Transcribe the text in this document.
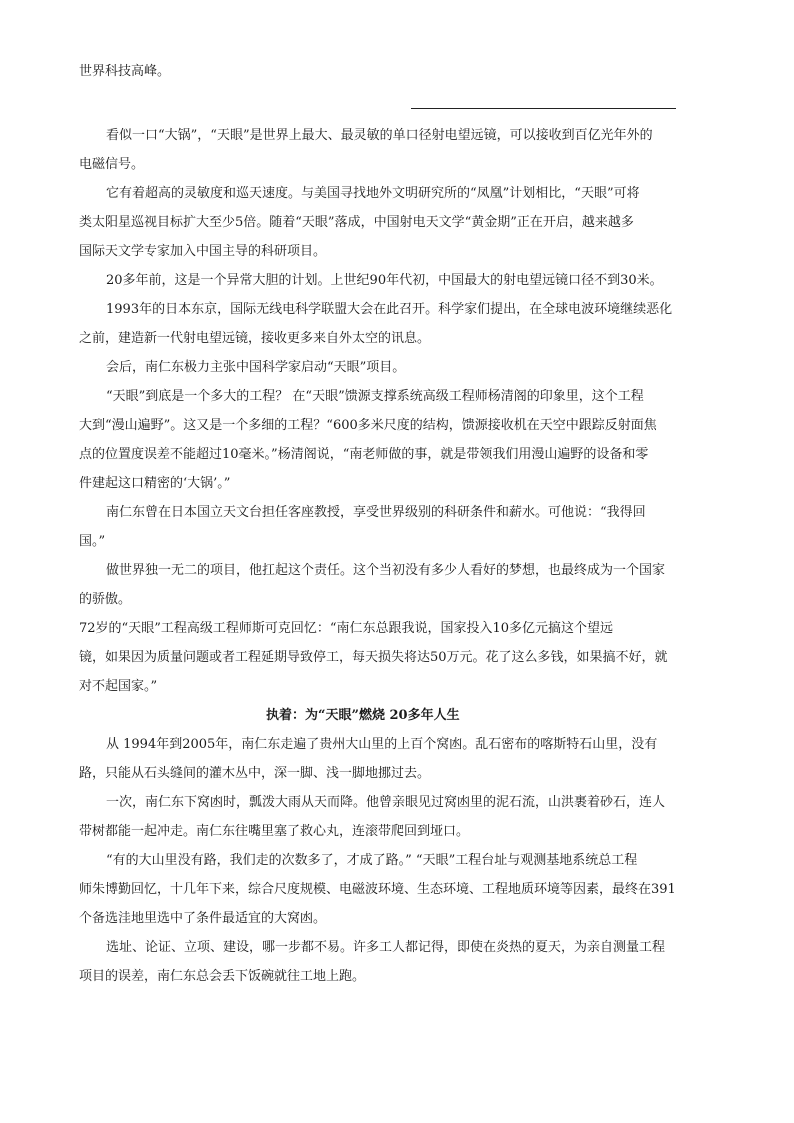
世界科技高峰。
看似一口“大锅”，“天眼”是世界上最大、最灵敏的单口径射电望远镜，可以接收到百亿光年外的
电磁信号。
它有着超高的灵敏度和巡天速度。与美国寻找地外文明研究所的“凤凰”计划相比，“天眼”可将
类太阳星巡视目标扩大至少5倍。随着“天眼”落成，中国射电天文学“黄金期”正在开启，越来越多
国际天文学专家加入中国主导的科研项目。
20多年前，这是一个异常大胆的计划。上世纪90年代初，中国最大的射电望远镜口径不到30米。
1993年的日本东京，国际无线电科学联盟大会在此召开。科学家们提出，在全球电波环境继续恶化
之前，建造新一代射电望远镜，接收更多来自外太空的讯息。
会后，南仁东极力主张中国科学家启动“天眼”项目。
“天眼”到底是一个多大的工程？ 在“天眼”馈源支撑系统高级工程师杨清阁的印象里，这个工程
大到“漫山遍野”。这又是一个多细的工程？“600多米尺度的结构，馈源接收机在天空中跟踪反射面焦
点的位置度误差不能超过10毫米。”杨清阁说，“南老师做的事，就是带领我们用漫山遍野的设备和零
件建起这口精密的‘大锅’。”
南仁东曾在日本国立天文台担任客座教授，享受世界级别的科研条件和薪水。可他说：“我得回
国。”
做世界独一无二的项目，他扛起这个责任。这个当初没有多少人看好的梦想，也最终成为一个国家
的骄傲。
72岁的“天眼”工程高级工程师斯可克回忆：“南仁东总跟我说，国家投入10多亿元搞这个望远
镜，如果因为质量问题或者工程延期导致停工，每天损失将达50万元。花了这么多钱，如果搞不好，就
对不起国家。”
执着：为“天眼”燃烧 20多年人生
从 1994年到2005年，南仁东走遍了贵州大山里的上百个窝凼。乱石密布的喀斯特石山里，没有
路，只能从石头缝间的灌木丛中，深一脚、浅一脚地挪过去。
一次，南仁东下窝凼时，瓢泼大雨从天而降。他曾亲眼见过窝凼里的泥石流，山洪裹着砂石，连人
带树都能一起冲走。南仁东往嘴里塞了救心丸，连滚带爬回到垭口。
“有的大山里没有路，我们走的次数多了，才成了路。” “天眼”工程台址与观测基地系统总工程
师朱博勤回忆，十几年下来，综合尺度规模、电磁波环境、生态环境、工程地质环境等因素，最终在391
个备选洼地里选中了条件最适宜的大窝凼。
选址、论证、立项、建设，哪一步都不易。许多工人都记得，即使在炎热的夏天，为亲自测量工程
项目的误差，南仁东总会丢下饭碗就往工地上跑。
